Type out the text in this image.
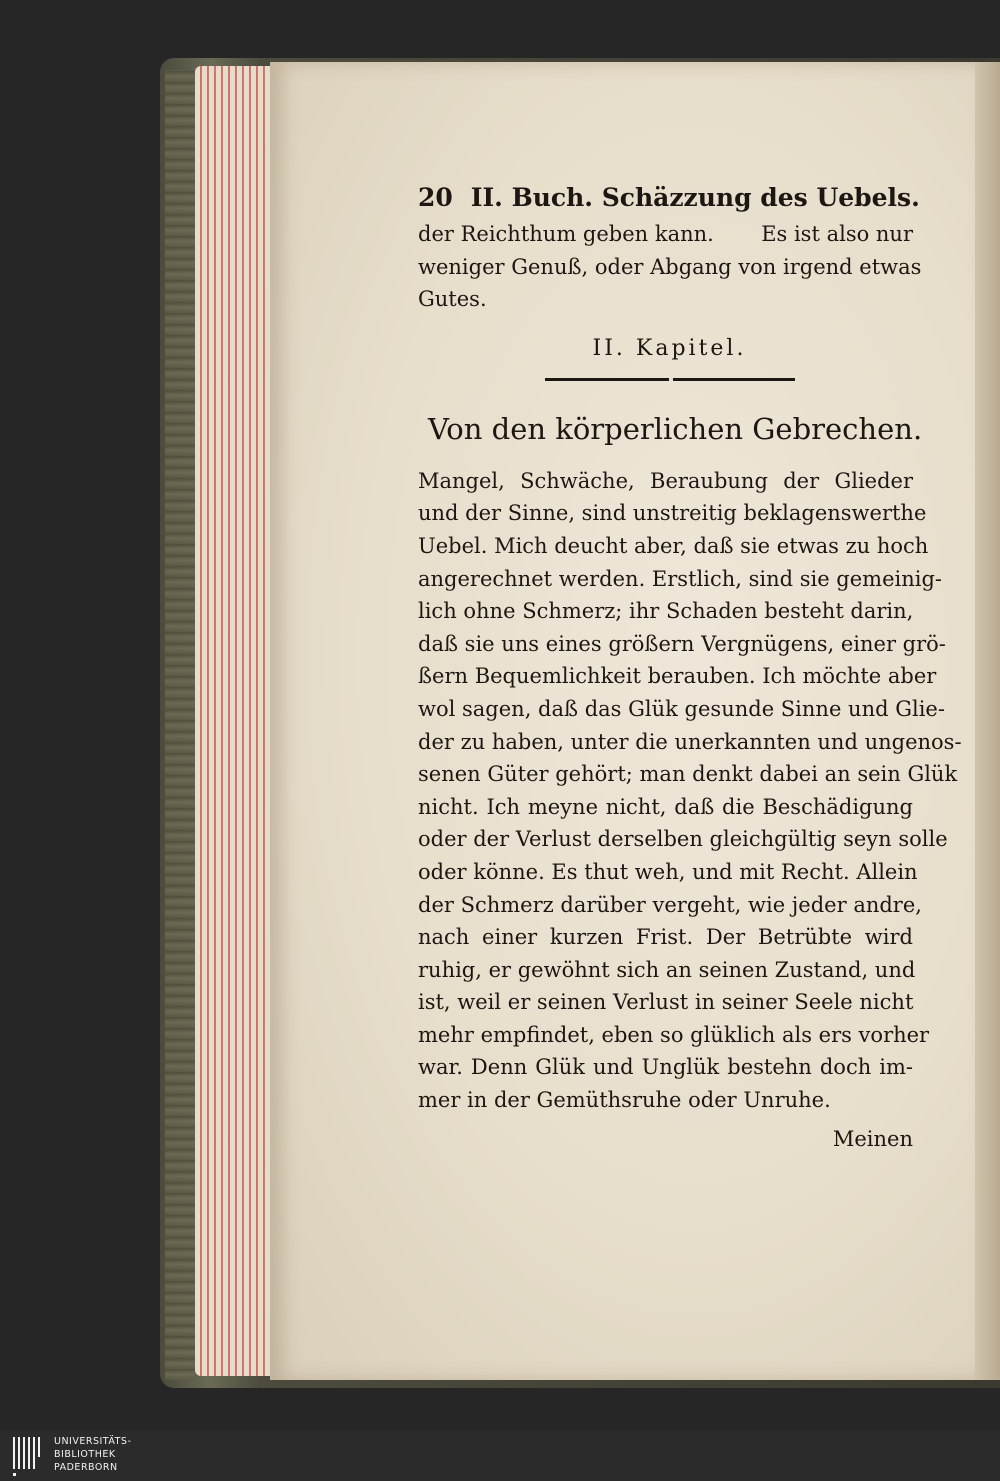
20 II. Buch. Schäzzung des Uebels.
der Reichthum geben kann. Es ist also nur
weniger Genuß, oder Abgang von irgend etwas
Gutes.
II. Kapitel.
Von den körperlichen Gebrechen.
Mangel, Schwäche, Beraubung der Glieder
und der Sinne, sind unstreitig beklagenswerthe
Uebel. Mich deucht aber, daß sie etwas zu hoch
angerechnet werden. Erstlich, sind sie gemeinig-
lich ohne Schmerz; ihr Schaden besteht darin,
daß sie uns eines größern Vergnügens, einer grö-
ßern Bequemlichkeit berauben. Ich möchte aber
wol sagen, daß das Glük gesunde Sinne und Glie-
der zu haben, unter die unerkannten und ungenos-
senen Güter gehört; man denkt dabei an sein Glük
nicht. Ich meyne nicht, daß die Beschädigung
oder der Verlust derselben gleichgültig seyn solle
oder könne. Es thut weh, und mit Recht. Allein
der Schmerz darüber vergeht, wie jeder andre,
nach einer kurzen Frist. Der Betrübte wird
ruhig, er gewöhnt sich an seinen Zustand, und
ist, weil er seinen Verlust in seiner Seele nicht
mehr empfindet, eben so glüklich als ers vorher
war. Denn Glük und Unglük bestehn doch im-
mer in der Gemüthsruhe oder Unruhe.
Meinen
UNIVERSITÄTS-
BIBLIOTHEK
PADERBORN
